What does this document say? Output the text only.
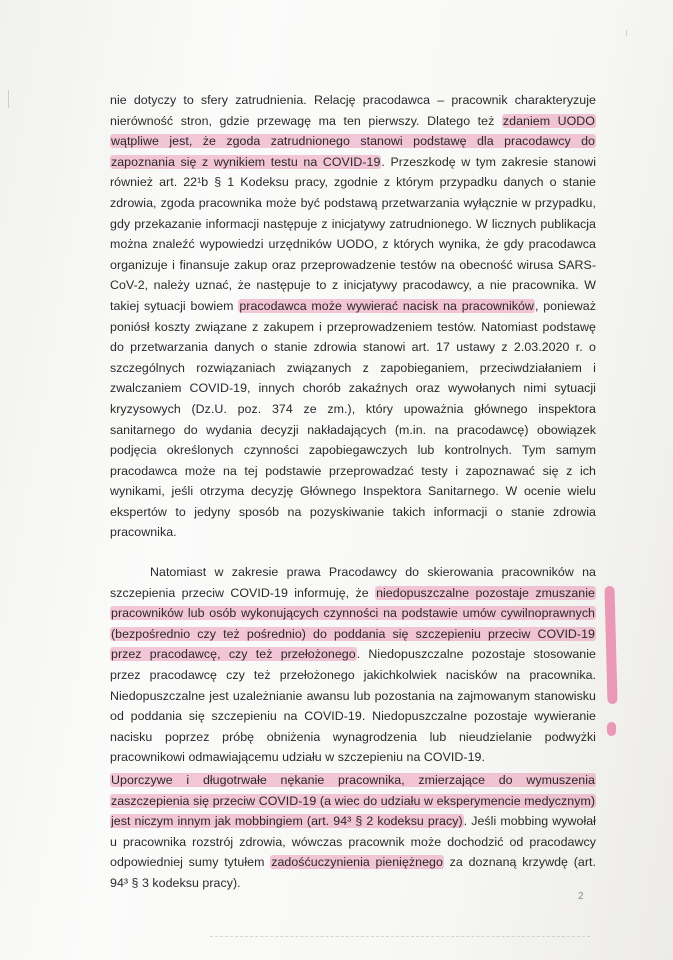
nie dotyczy to sfery zatrudnienia. Relację pracodawca – pracownik charakteryzuje nierówność stron, gdzie przewagę ma ten pierwszy. Dlatego też zdaniem UODO wątpliwe jest, że zgoda zatrudnionego stanowi podstawę dla pracodawcy do zapoznania się z wynikiem testu na COVID-19. Przeszkodę w tym zakresie stanowi również art. 22¹b § 1 Kodeksu pracy, zgodnie z którym przypadku danych o stanie zdrowia, zgoda pracownika może być podstawą przetwarzania wyłącznie w przypadku, gdy przekazanie informacji następuje z inicjatywy zatrudnionego. W licznych publikacja można znaleźć wypowiedzi urzędników UODO, z których wynika, że gdy pracodawca organizuje i finansuje zakup oraz przeprowadzenie testów na obecność wirusa SARS-CoV-2, należy uznać, że następuje to z inicjatywy pracodawcy, a nie pracownika. W takiej sytuacji bowiem pracodawca może wywierać nacisk na pracowników, ponieważ poniósł koszty związane z zakupem i przeprowadzeniem testów. Natomiast podstawę do przetwarzania danych o stanie zdrowia stanowi art. 17 ustawy z 2.03.2020 r. o szczególnych rozwiązaniach związanych z zapobieganiem, przeciwdziałaniem i zwalczaniem COVID-19, innych chorób zakaźnych oraz wywołanych nimi sytuacji kryzysowych (Dz.U. poz. 374 ze zm.), który upoważnia głównego inspektora sanitarnego do wydania decyzji nakładających (m.in. na pracodawcę) obowiązek podjęcia określonych czynności zapobiegawczych lub kontrolnych. Tym samym pracodawca może na tej podstawie przeprowadzać testy i zapoznawać się z ich wynikami, jeśli otrzyma decyzję Głównego Inspektora Sanitarnego. W ocenie wielu ekspertów to jedyny sposób na pozyskiwanie takich informacji o stanie zdrowia pracownika.
Natomiast w zakresie prawa Pracodawcy do skierowania pracowników na szczepienia przeciw COVID-19 informuję, że niedopuszczalne pozostaje zmuszanie pracowników lub osób wykonujących czynności na podstawie umów cywilnoprawnych (bezpośrednio czy też pośrednio) do poddania się szczepieniu przeciw COVID-19 przez pracodawcę, czy też przełożonego. Niedopuszczalne pozostaje stosowanie przez pracodawcę czy też przełożonego jakichkolwiek nacisków na pracownika. Niedopuszczalne jest uzależnianie awansu lub pozostania na zajmowanym stanowisku od poddania się szczepieniu na COVID-19. Niedopuszczalne pozostaje wywieranie nacisku poprzez próbę obniżenia wynagrodzenia lub nieudzielanie podwyżki pracownikowi odmawiającemu udziału w szczepieniu na COVID-19.
Uporczywe i długotrwałe nękanie pracownika, zmierzające do wymuszenia zaszczepienia się przeciw COVID-19 (a wiec do udziału w eksperymencie medycznym) jest niczym innym jak mobbingiem (art. 94³ § 2 kodeksu pracy). Jeśli mobbing wywołał u pracownika rozstrój zdrowia, wówczas pracownik może dochodzić od pracodawcy odpowiedniej sumy tytułem zadośćuczynienia pieniężnego za doznaną krzywdę (art. 94³ § 3 kodeksu pracy).
2
